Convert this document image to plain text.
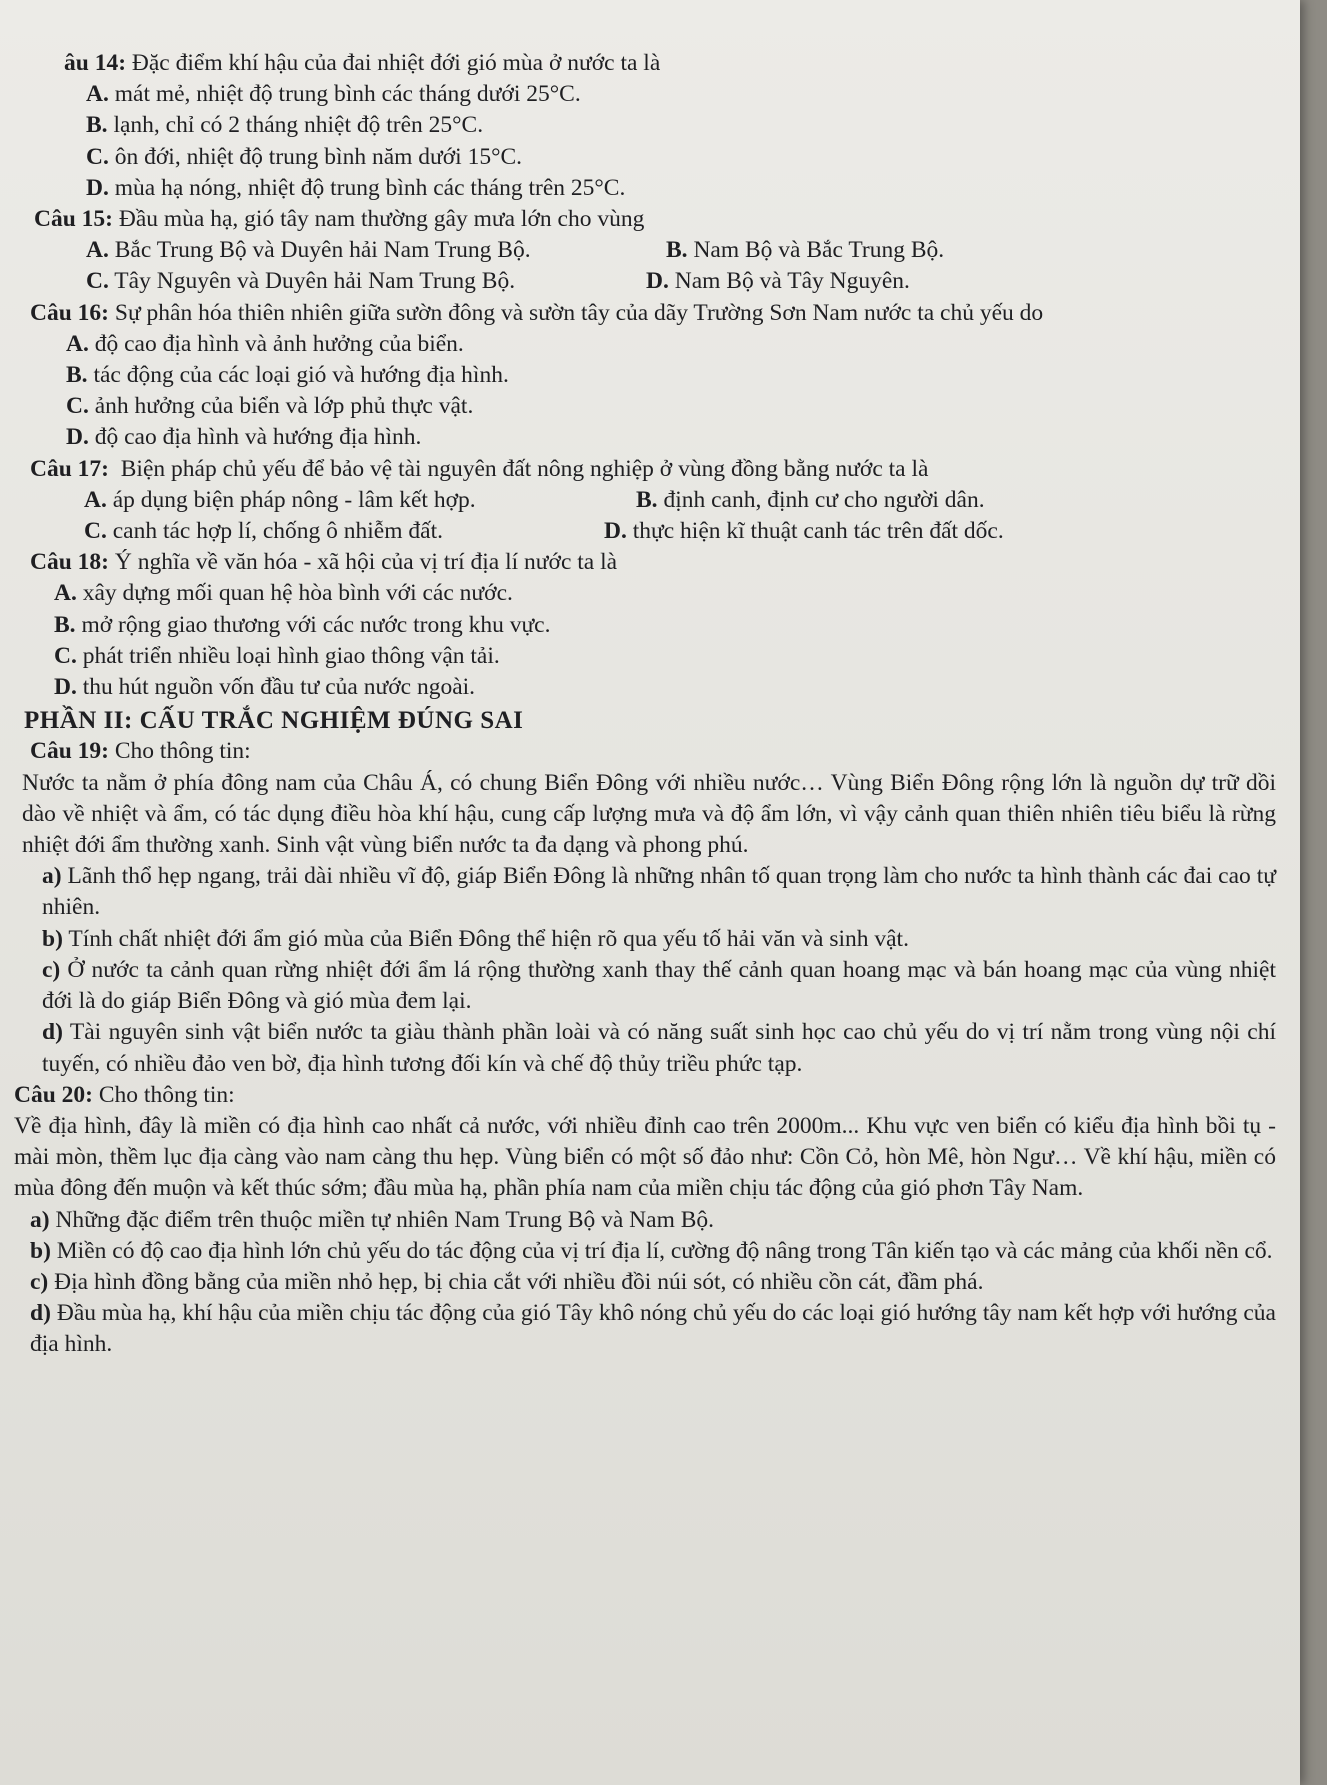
âu 14: Đặc điểm khí hậu của đai nhiệt đới gió mùa ở nước ta là

A. mát mẻ, nhiệt độ trung bình các tháng dưới 25°C.

B. lạnh, chỉ có 2 tháng nhiệt độ trên 25°C.

C. ôn đới, nhiệt độ trung bình năm dưới 15°C.

D. mùa hạ nóng, nhiệt độ trung bình các tháng trên 25°C.

Câu 15: Đầu mùa hạ, gió tây nam thường gây mưa lớn cho vùng

A. Bắc Trung Bộ và Duyên hải Nam Trung Bộ.	B. Nam Bộ và Bắc Trung Bộ.
C. Tây Nguyên và Duyên hải Nam Trung Bộ.	D. Nam Bộ và Tây Nguyên.

Câu 16: Sự phân hóa thiên nhiên giữa sườn đông và sườn tây của dãy Trường Sơn Nam nước ta chủ yếu do

A. độ cao địa hình và ảnh hưởng của biển.

B. tác động của các loại gió và hướng địa hình.

C. ảnh hưởng của biển và lớp phủ thực vật.

D. độ cao địa hình và hướng địa hình.

Câu 17:  Biện pháp chủ yếu để bảo vệ tài nguyên đất nông nghiệp ở vùng đồng bằng nước ta là

A. áp dụng biện pháp nông - lâm kết hợp.	B. định canh, định cư cho người dân.
C. canh tác hợp lí, chống ô nhiễm đất.	D. thực hiện kĩ thuật canh tác trên đất dốc.

Câu 18: Ý nghĩa về văn hóa - xã hội của vị trí địa lí nước ta là

A. xây dựng mối quan hệ hòa bình với các nước.

B. mở rộng giao thương với các nước trong khu vực.

C. phát triển nhiều loại hình giao thông vận tải.

D. thu hút nguồn vốn đầu tư của nước ngoài.

PHẦN II: CẤU TRẮC NGHIỆM ĐÚNG SAI

Câu 19: Cho thông tin:

Nước ta nằm ở phía đông nam của Châu Á, có chung Biển Đông với nhiều nước… Vùng Biển Đông rộng lớn là nguồn dự trữ dồi dào về nhiệt và ẩm, có tác dụng điều hòa khí hậu, cung cấp lượng mưa và độ ẩm lớn, vì vậy cảnh quan thiên nhiên tiêu biểu là rừng nhiệt đới ẩm thường xanh. Sinh vật vùng biển nước ta đa dạng và phong phú.

a) Lãnh thổ hẹp ngang, trải dài nhiều vĩ độ, giáp Biển Đông là những nhân tố quan trọng làm cho nước ta hình thành các đai cao tự nhiên.

b) Tính chất nhiệt đới ẩm gió mùa của Biển Đông thể hiện rõ qua yếu tố hải văn và sinh vật.

c) Ở nước ta cảnh quan rừng nhiệt đới ẩm lá rộng thường xanh thay thế cảnh quan hoang mạc và bán hoang mạc của vùng nhiệt đới là do giáp Biển Đông và gió mùa đem lại.

d) Tài nguyên sinh vật biển nước ta giàu thành phần loài và có năng suất sinh học cao chủ yếu do vị trí nằm trong vùng nội chí tuyến, có nhiều đảo ven bờ, địa hình tương đối kín và chế độ thủy triều phức tạp.

Câu 20: Cho thông tin:

Về địa hình, đây là miền có địa hình cao nhất cả nước, với nhiều đỉnh cao trên 2000m... Khu vực ven biển có kiểu địa hình bồi tụ - mài mòn, thềm lục địa càng vào nam càng thu hẹp. Vùng biển có một số đảo như: Cồn Cỏ, hòn Mê, hòn Ngư… Về khí hậu, miền có mùa đông đến muộn và kết thúc sớm; đầu mùa hạ, phần phía nam của miền chịu tác động của gió phơn Tây Nam.

a) Những đặc điểm trên thuộc miền tự nhiên Nam Trung Bộ và Nam Bộ.

b) Miền có độ cao địa hình lớn chủ yếu do tác động của vị trí địa lí, cường độ nâng trong Tân kiến tạo và các mảng của khối nền cổ.

c) Địa hình đồng bằng của miền nhỏ hẹp, bị chia cắt với nhiều đồi núi sót, có nhiều cồn cát, đầm phá.

d) Đầu mùa hạ, khí hậu của miền chịu tác động của gió Tây khô nóng chủ yếu do các loại gió hướng tây nam kết hợp với hướng của địa hình.
